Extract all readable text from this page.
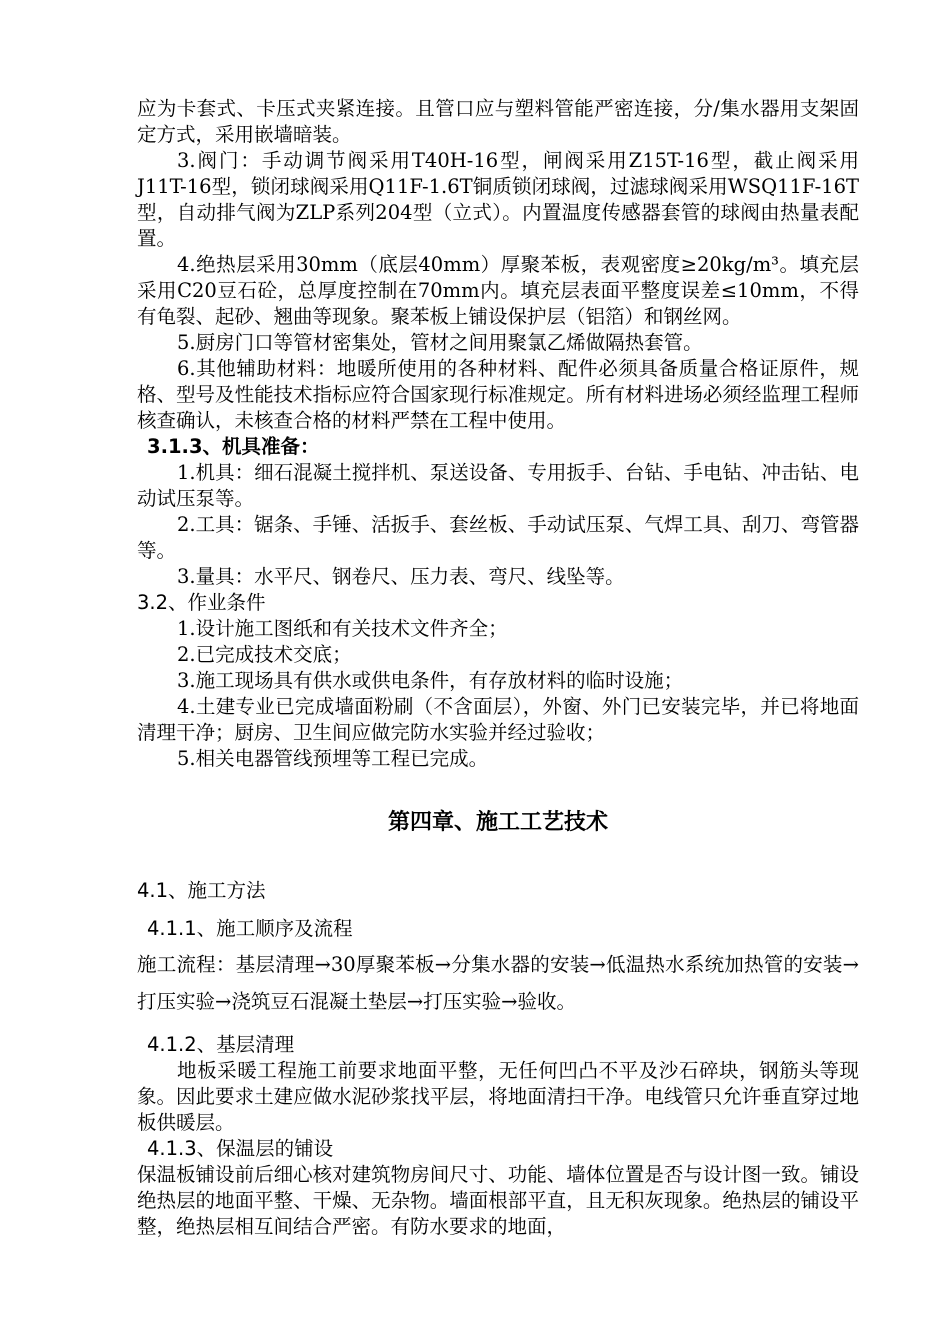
应为卡套式、卡压式夹紧连接。且管口应与塑料管能严密连接，分/集水器用支架固定方式，采用嵌墙暗装。

3.阀门：手动调节阀采用T40H-16型，闸阀采用Z15T-16型，截止阀采用J11T-16型，锁闭球阀采用Q11F-1.6T铜质锁闭球阀，过滤球阀采用WSQ11F-16T型，自动排气阀为ZLP系列204型（立式）。内置温度传感器套管的球阀由热量表配置。

4.绝热层采用30mm（底层40mm）厚聚苯板，表观密度≥20kg/m³。填充层采用C20豆石砼，总厚度控制在70mm内。填充层表面平整度误差≤10mm，不得有龟裂、起砂、翘曲等现象。聚苯板上铺设保护层（铝箔）和钢丝网。

5.厨房门口等管材密集处，管材之间用聚氯乙烯做隔热套管。

6.其他辅助材料：地暖所使用的各种材料、配件必须具备质量合格证原件，规格、型号及性能技术指标应符合国家现行标准规定。所有材料进场必须经监理工程师核查确认，未核查合格的材料严禁在工程中使用。

3.1.3、机具准备：

1.机具：细石混凝土搅拌机、泵送设备、专用扳手、台钻、手电钻、冲击钻、电动试压泵等。

2.工具：锯条、手锤、活扳手、套丝板、手动试压泵、气焊工具、刮刀、弯管器等。

3.量具：水平尺、钢卷尺、压力表、弯尺、线坠等。

3.2、作业条件

1.设计施工图纸和有关技术文件齐全；

2.已完成技术交底；

3.施工现场具有供水或供电条件，有存放材料的临时设施；

4.土建专业已完成墙面粉刷（不含面层），外窗、外门已安装完毕，并已将地面清理干净；厨房、卫生间应做完防水实验并经过验收；

5.相关电器管线预埋等工程已完成。

第四章、施工工艺技术

4.1、施工方法

4.1.1、施工顺序及流程

施工流程：基层清理→30厚聚苯板→分集水器的安装→低温热水系统加热管的安装→打压实验→浇筑豆石混凝土垫层→打压实验→验收。

4.1.2、基层清理

地板采暖工程施工前要求地面平整，无任何凹凸不平及沙石碎块，钢筋头等现象。因此要求土建应做水泥砂浆找平层，将地面清扫干净。电线管只允许垂直穿过地板供暖层。

4.1.3、保温层的铺设

保温板铺设前后细心核对建筑物房间尺寸、功能、墙体位置是否与设计图一致。铺设绝热层的地面平整、干燥、无杂物。墙面根部平直，且无积灰现象。绝热层的铺设平整，绝热层相互间结合严密。有防水要求的地面，
